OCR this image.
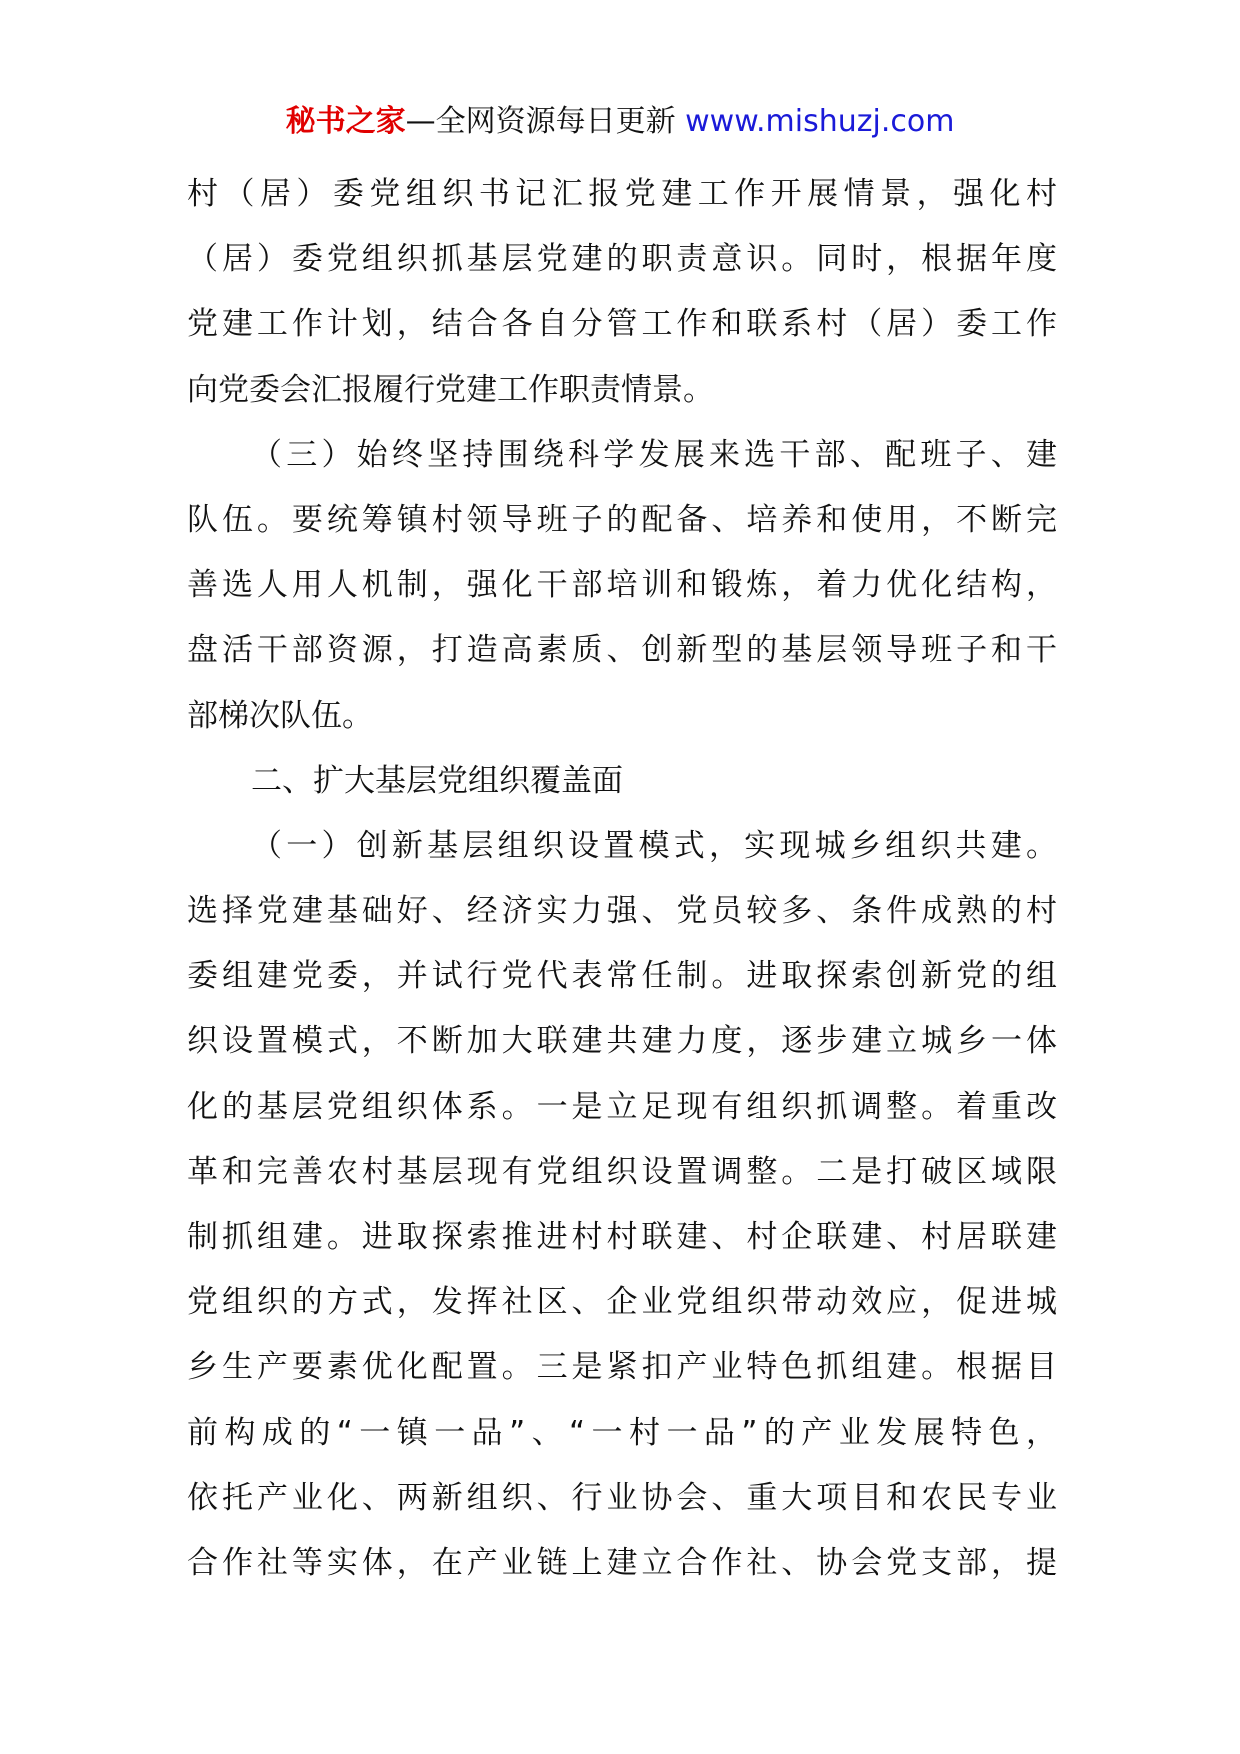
秘书之家—全网资源每日更新 www.mishuzj.com
村（居）委党组织书记汇报党建工作开展情景，强化村
（居）委党组织抓基层党建的职责意识。同时，根据年度
党建工作计划，结合各自分管工作和联系村（居）委工作
向党委会汇报履行党建工作职责情景。
（三）始终坚持围绕科学发展来选干部、配班子、建
队伍。要统筹镇村领导班子的配备、培养和使用，不断完
善选人用人机制，强化干部培训和锻炼，着力优化结构，
盘活干部资源，打造高素质、创新型的基层领导班子和干
部梯次队伍。
二、扩大基层党组织覆盖面
（一）创新基层组织设置模式，实现城乡组织共建。
选择党建基础好、经济实力强、党员较多、条件成熟的村
委组建党委，并试行党代表常任制。进取探索创新党的组
织设置模式，不断加大联建共建力度，逐步建立城乡一体
化的基层党组织体系。一是立足现有组织抓调整。着重改
革和完善农村基层现有党组织设置调整。二是打破区域限
制抓组建。进取探索推进村村联建、村企联建、村居联建
党组织的方式，发挥社区、企业党组织带动效应，促进城
乡生产要素优化配置。三是紧扣产业特色抓组建。根据目
前构成的“一镇一品”、“一村一品”的产业发展特色，
依托产业化、两新组织、行业协会、重大项目和农民专业
合作社等实体，在产业链上建立合作社、协会党支部，提
